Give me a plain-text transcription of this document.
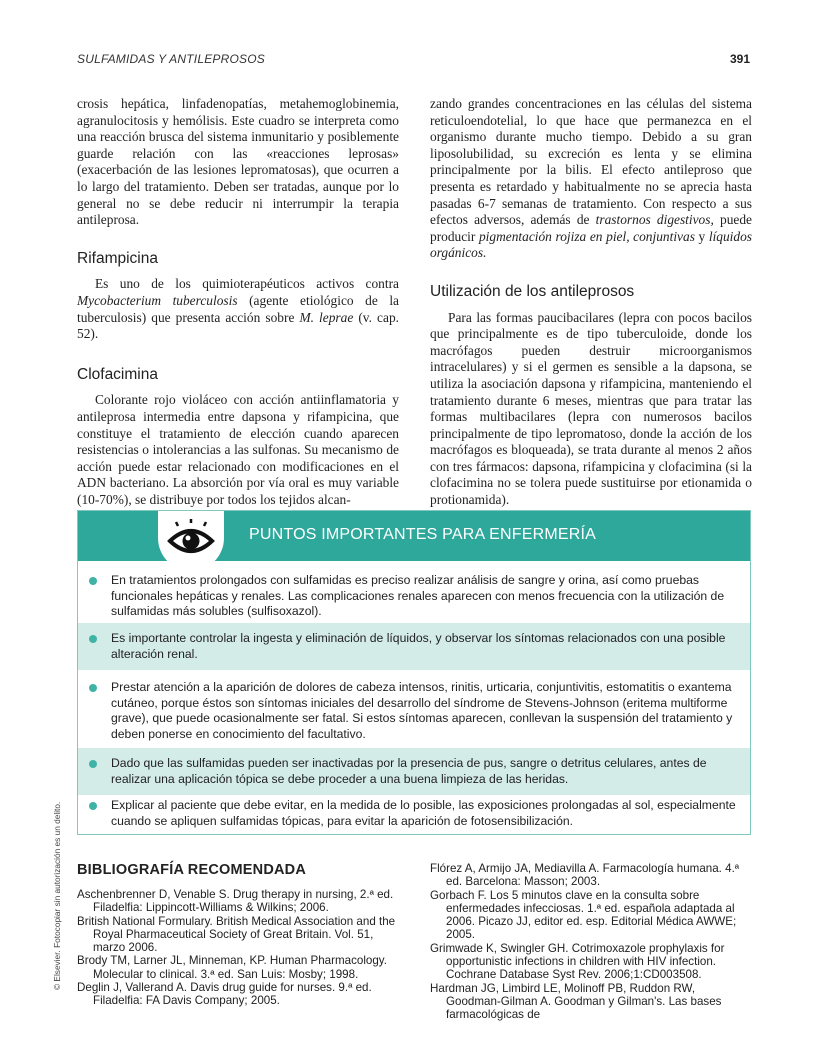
SULFAMIDAS Y ANTILEPROSOS	391

crosis hepática, linfadenopatías, metahemoglobinemia, agranulocitosis y hemólisis. Este cuadro se interpreta como una reacción brusca del sistema inmunitario y posiblemente guarde relación con las «reacciones leprosas» (exacerbación de las lesiones lepromatosas), que ocurren a lo largo del tratamiento. Deben ser tratadas, aunque por lo general no se debe reducir ni interrumpir la terapia antileprosa.

Rifampicina

Es uno de los quimioterapéuticos activos contra Mycobacterium tuberculosis (agente etiológico de la tuberculosis) que presenta acción sobre M. leprae (v. cap. 52).

Clofacimina

Colorante rojo violáceo con acción antiinflamatoria y antileprosa intermedia entre dapsona y rifampicina, que constituye el tratamiento de elección cuando aparecen resistencias o intolerancias a las sulfonas. Su mecanismo de acción puede estar relacionado con modificaciones en el ADN bacteriano. La absorción por vía oral es muy variable (10-70%), se distribuye por todos los tejidos alcan-

zando grandes concentraciones en las células del sistema reticuloendotelial, lo que hace que permanezca en el organismo durante mucho tiempo. Debido a su gran liposolubilidad, su excreción es lenta y se elimina principalmente por la bilis. El efecto antileproso que presenta es retardado y habitualmente no se aprecia hasta pasadas 6-7 semanas de tratamiento. Con respecto a sus efectos adversos, además de trastornos digestivos, puede producir pigmentación rojiza en piel, conjuntivas y líquidos orgánicos.

Utilización de los antileprosos

Para las formas paucibacilares (lepra con pocos bacilos que principalmente es de tipo tuberculoide, donde los macrófagos pueden destruir microorganismos intracelulares) y si el germen es sensible a la dapsona, se utiliza la asociación dapsona y rifampicina, manteniendo el tratamiento durante 6 meses, mientras que para tratar las formas multibacilares (lepra con numerosos bacilos principalmente de tipo lepromatoso, donde la acción de los macrófagos es bloqueada), se trata durante al menos 2 años con tres fármacos: dapsona, rifampicina y clofacimina (si la clofacimina no se tolera puede sustituirse por etionamida o protionamida).

PUNTOS IMPORTANTES PARA ENFERMERÍA
En tratamientos prolongados con sulfamidas es preciso realizar análisis de sangre y orina, así como pruebas funcionales hepáticas y renales. Las complicaciones renales aparecen con menos frecuencia con la utilización de sulfamidas más solubles (sulfisoxazol).
Es importante controlar la ingesta y eliminación de líquidos, y observar los síntomas relacionados con una posible alteración renal.
Prestar atención a la aparición de dolores de cabeza intensos, rinitis, urticaria, conjuntivitis, estomatitis o exantema cutáneo, porque éstos son síntomas iniciales del desarrollo del síndrome de Stevens-Johnson (eritema multiforme grave), que puede ocasionalmente ser fatal. Si estos síntomas aparecen, conllevan la suspensión del tratamiento y deben ponerse en conocimiento del facultativo.
Dado que las sulfamidas pueden ser inactivadas por la presencia de pus, sangre o detritus celulares, antes de realizar una aplicación tópica se debe proceder a una buena limpieza de las heridas.
Explicar al paciente que debe evitar, en la medida de lo posible, las exposiciones prolongadas al sol, especialmente cuando se apliquen sulfamidas tópicas, para evitar la aparición de fotosensibilización.
© Elsevier. Fotocopiar sin autorización es un delito. BIBLIOGRAFÍA RECOMENDADA

Aschenbrenner D, Venable S. Drug therapy in nursing, 2.ª ed. Filadelfia: Lippincott-Williams & Wilkins; 2006.

British National Formulary. British Medical Association and the Royal Pharmaceutical Society of Great Britain. Vol. 51, marzo 2006.

Brody TM, Larner JL, Minneman, KP. Human Pharmacology. Molecular to clinical. 3.ª ed. San Luis: Mosby; 1998.

Deglin J, Vallerand A. Davis drug guide for nurses. 9.ª ed. Filadelfia: FA Davis Company; 2005.

Flórez A, Armijo JA, Mediavilla A. Farmacología humana. 4.ª ed. Barcelona: Masson; 2003.

Gorbach F. Los 5 minutos clave en la consulta sobre enfermedades infecciosas. 1.ª ed. española adaptada al 2006. Picazo JJ, editor ed. esp. Editorial Médica AWWE; 2005.

Grimwade K, Swingler GH. Cotrimoxazole prophylaxis for opportunistic infections in children with HIV infection. Cochrane Database Syst Rev. 2006;1:CD003508.

Hardman JG, Limbird LE, Molinoff PB, Ruddon RW, Goodman-Gilman A. Goodman y Gilman's. Las bases farmacológicas de
